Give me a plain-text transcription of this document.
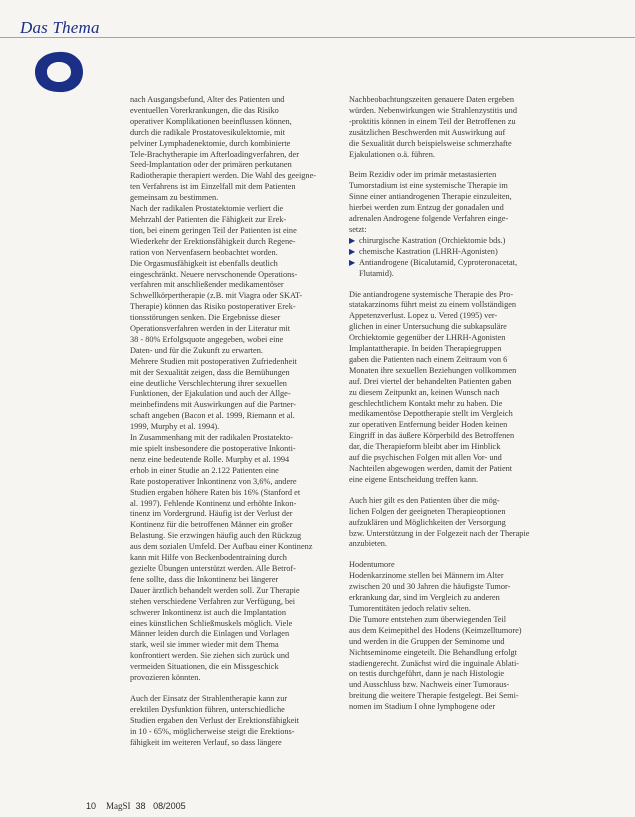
Das Thema

nach Ausgangsbefund, Alter des Patienten und
eventuellen Vorerkrankungen, die das Risiko
operativer Komplikationen beeinflussen können,
durch die radikale Prostatovesikulektomie, mit
pelviner Lymphadenektomie, durch kombinierte
Tele-Brachytherapie im Afterloadingverfahren, der
Seed-Implantation oder der primären perkutanen
Radiotherapie therapiert werden. Die Wahl des geeigne-
ten Verfahrens ist im Einzelfall mit dem Patienten
gemeinsam zu bestimmen.
Nach der radikalen Prostatektomie verliert die
Mehrzahl der Patienten die Fähigkeit zur Erek-
tion, bei einem geringen Teil der Patienten ist eine
Wiederkehr der Erektionsfähigkeit durch Regene-
ration von Nervenfasern beobachtet worden.
Die Orgasmusfähigkeit ist ebenfalls deutlich
eingeschränkt. Neuere nervschonende Operations-
verfahren mit anschließender medikamentöser
Schwellkörpertherapie (z.B. mit Viagra oder SKAT-
Therapie) können das Risiko postoperativer Erek-
tionsstörungen senken. Die Ergebnisse dieser
Operationsverfahren werden in der Literatur mit
38 - 80% Erfolgsquote angegeben, wobei eine
Daten- und für die Zukunft zu erwarten.
Mehrere Studien mit postoperativen Zufriedenheit
mit der Sexualität zeigen, dass die Bemühungen
eine deutliche Verschlechterung ihrer sexuellen
Funktionen, der Ejakulation und auch der Allge-
meinbefindens mit Auswirkungen auf die Partner-
schaft angeben (Bacon et al. 1999, Riemann et al.
1999, Murphy et al. 1994).

In Zusammenhang mit der radikalen Prostatekto-
mie spielt insbesondere die postoperative Inkonti-
nenz eine bedeutende Rolle. Murphy et al. 1994
erhob in einer Studie an 2.122 Patienten eine
Rate postoperativer Inkontinenz von 3,6%, andere
Studien ergaben höhere Raten bis 16% (Stanford et
al. 1997). Fehlende Kontinenz und erhöhte Inkon-
tinenz im Vordergrund. Häufig ist der Verlust der
Kontinenz für die betroffenen Männer ein großer
Belastung. Sie erzwingen häufig auch den Rückzug
aus dem sozialen Umfeld. Der Aufbau einer Kontinenz
kann mit Hilfe von Beckenbodentraining durch
gezielte Übungen unterstützt werden. Alle Betrof-
fene sollte, dass die Inkontinenz bei längerer
Dauer ärztlich behandelt werden soll. Zur Therapie
stehen verschiedene Verfahren zur Verfügung, bei
schwerer Inkontinenz ist auch die Implantation
eines künstlichen Schließmuskels möglich. Viele
Männer leiden durch die Einlagen und Vorlagen
stark, weil sie immer wieder mit dem Thema
konfrontiert werden. Sie ziehen sich zurück und
vermeiden Situationen, die ein Missgeschick
provozieren könnten.

Auch der Einsatz der Strahlentherapie kann zur
erektilen Dysfunktion führen, unterschiedliche
Studien ergaben den Verlust der Erektionsfähigkeit
in 10 - 65%, möglicherweise steigt die Erektions-
fähigkeit im weiteren Verlauf, so dass längere

Nachbeobachtungszeiten genauere Daten ergeben
würden. Nebenwirkungen wie Strahlenzystitis und
-proktitis können in einem Teil der Betroffenen zu
zusätzlichen Beschwerden mit Auswirkung auf
die Sexualität durch beispielsweise schmerzhafte
Ejakulationen o.ä. führen.

Beim Rezidiv oder im primär metastasierten
Tumorstadium ist eine systemische Therapie im
Sinne einer antiandrogenen Therapie einzuleiten,
hierbei werden zum Entzug der gonadalen und
adrenalen Androgene folgende Verfahren einge-
setzt:

▶ chirurgische Kastration (Orchiektomie bds.)
▶ chemische Kastration (LHRH-Agonisten)
▶ Antiandrogene (Bicalutamid, Cyproteronacetat,
Flutamid).

Die antiandrogene systemische Therapie des Pro-
statakarzinoms führt meist zu einem vollständigen
Appetenzverlust. Lopez u. Vered (1995) ver-
glichen in einer Untersuchung die subkapsuläre
Orchiektomie gegenüber der LHRH-Agonisten
Implantattherapie. In beiden Therapiegruppen
gaben die Patienten nach einem Zeitraum von 6
Monaten ihre sexuellen Beziehungen vollkommen
auf. Drei viertel der behandelten Patienten gaben
zu diesem Zeitpunkt an, keinen Wunsch nach
geschlechtlichem Kontakt mehr zu haben. Die
medikamentöse Depottherapie stellt im Vergleich
zur operativen Entfernung beider Hoden keinen
Eingriff in das äußere Körperbild des Betroffenen
dar, die Therapieform bleibt aber im Hinblick
auf die psychischen Folgen mit allen Vor- und
Nachteilen abgewogen werden, damit der Patient
eine eigene Entscheidung treffen kann.

Auch hier gilt es den Patienten über die mög-
lichen Folgen der geeigneten Therapieoptionen
aufzuklären und Möglichkeiten der Versorgung
bzw. Unterstützung in der Folgezeit nach der Therapie
anzubieten.

Hodentumore

Hodenkarzinome stellen bei Männern im Alter
zwischen 20 und 30 Jahren die häufigste Tumor-
erkrankung dar, sind im Vergleich zu anderen
Tumorentitäten jedoch relativ selten.
Die Tumore entstehen zum überwiegenden Teil
aus dem Keimepithel des Hodens (Keimzelltumore)
und werden in die Gruppen der Seminome und
Nichtseminome eingeteilt. Die Behandlung erfolgt
stadiengerecht. Zunächst wird die inguinale Ablati-
on testis durchgeführt, dann je nach Histologie
und Ausschluss bzw. Nachweis einer Tumoraus-
breitung die weitere Therapie festgelegt. Bei Semi-
nomen im Stadium I ohne lymphogene oder

10 MagSI 38 08/2005
